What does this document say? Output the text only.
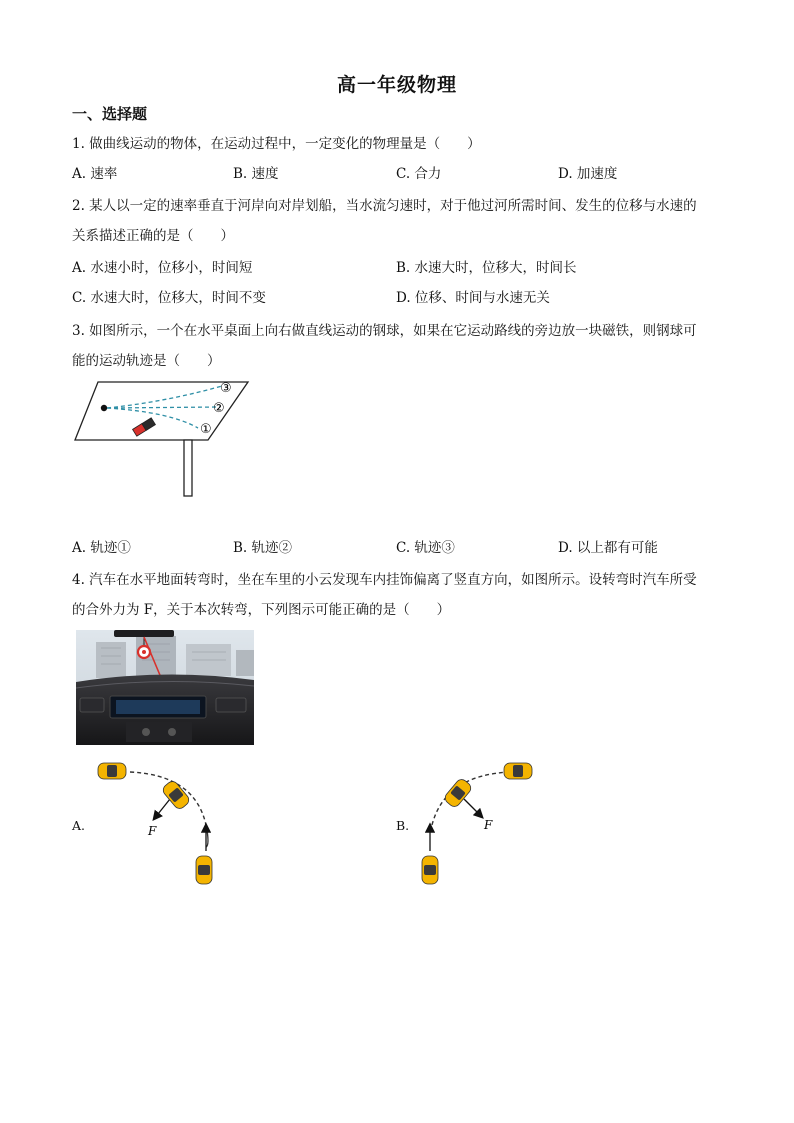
高一年级物理
一、选择题
1. 做曲线运动的物体，在运动过程中，一定变化的物理量是（　　）
A. 速率	B. 速度	C. 合力	D. 加速度
2. 某人以一定的速率垂直于河岸向对岸划船，当水流匀速时，对于他过河所需时间、发生的位移与水速的
关系描述正确的是（　　）
A. 水速小时，位移小，时间短	B. 水速大时，位移大，时间长
C. 水速大时，位移大，时间不变	D. 位移、时间与水速无关
3. 如图所示，一个在水平桌面上向右做直线运动的钢球，如果在它运动路线的旁边放一块磁铁，则钢球可
能的运动轨迹是（　　）
③
②
①
A. 轨迹①	B. 轨迹②	C. 轨迹③	D. 以上都有可能
4. 汽车在水平地面转弯时，坐在车里的小云发现车内挂饰偏离了竖直方向，如图所示。设转弯时汽车所受
的合外力为 F，关于本次转弯，下列图示可能正确的是（　　）
A.	F	B.	F
